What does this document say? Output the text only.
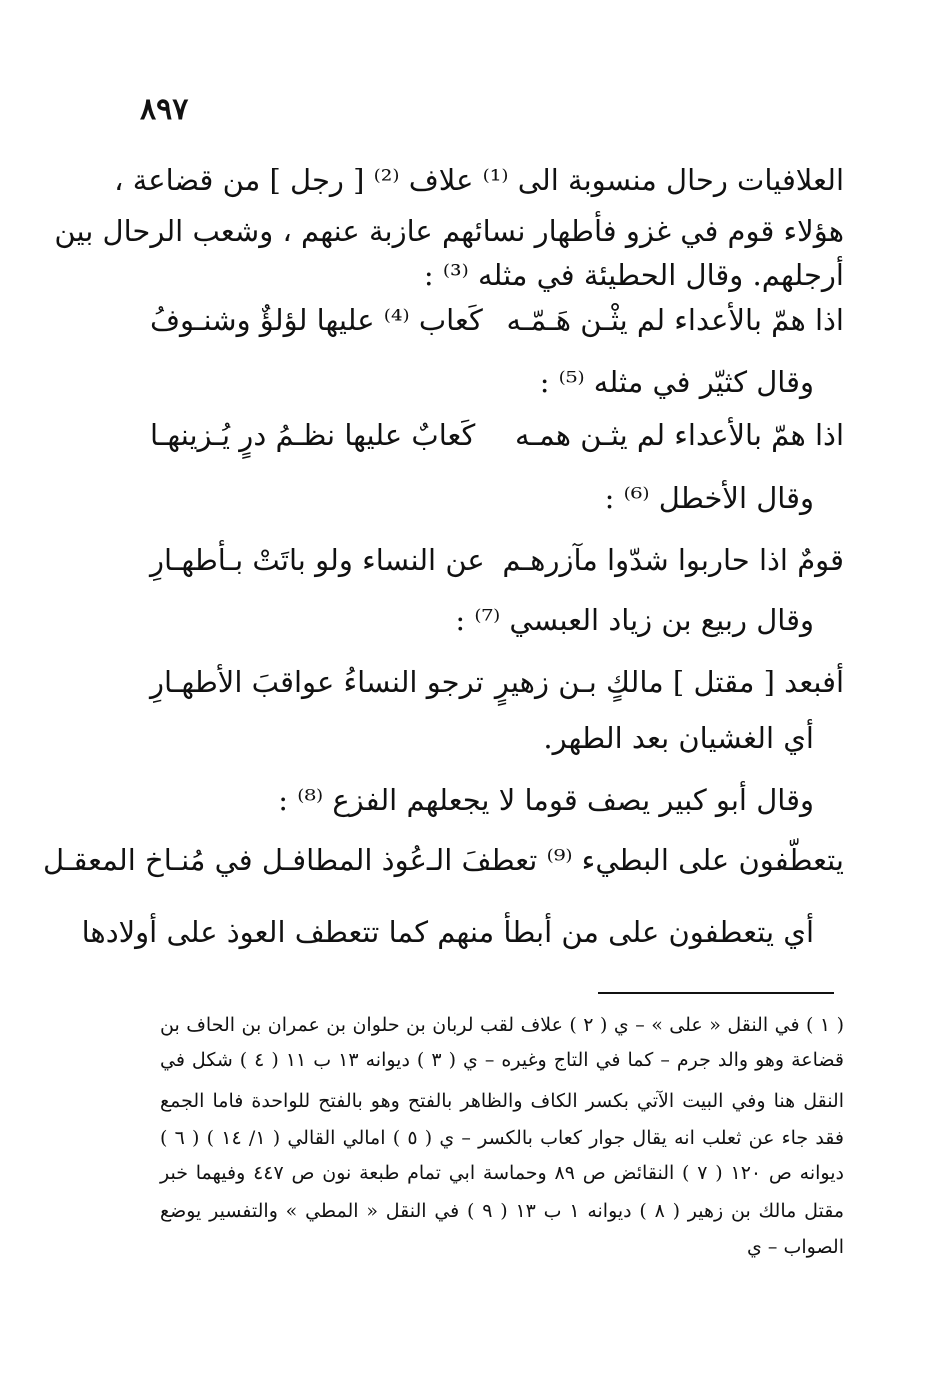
٨٩٧
العلافيات رحال منسوبة الى ⁽¹⁾ علاف ⁽²⁾ [ رجل ] من قضاعة ،
هؤلاء قوم في غزو فأطهار نسائهم عازبة عنهم ، وشعب الرحال بين
أرجلهم. وقال الحطيئة في مثله ⁽³⁾ :
اذا همّ بالأعداء لم يثْـن هَـمّـه
كَعاب ⁽⁴⁾ عليها لؤلؤٌ وشنـوفُ
وقال كثيّر في مثله ⁽⁵⁾ :
اذا همّ بالأعداء لم يثـن همـه
كَعابٌ عليها نظـمُ درٍ يُـزينهـا
وقال الأخطل ⁽⁶⁾ :
قومٌ اذا حاربوا شدّوا مآزرهـم
عن النساء ولو باتَتْ بـأطهـارِ
وقال ربيع بن زياد العبسي ⁽⁷⁾ :
أفبعد [ مقتل ] مالكٍ بـن زهيرٍ
ترجو النساءُ عواقبَ الأطهـارِ
أي الغشيان بعد الطهر.
وقال أبو كبير يصف قوما لا يجعلهم الفزع ⁽⁸⁾ :
يتعطّفون على البطيء ⁽⁹⁾ تعطفَ الـ
عُوذ المطافـل في مُنـاخ المعقـل
أي يتعطفون على من أبطأ منهم كما تتعطف العوذ على أولادها
( ١ ) في النقل « على » – ي ( ٢ ) علاف لقب لربان بن حلوان بن عمران بن الحاف بن
قضاعة وهو والد جرم – كما في التاج وغيره – ي ( ٣ ) ديوانه ١٣ ب ١١ ( ٤ ) شكل في
النقل هنا وفي البيت الآتي بكسر الكاف والظاهر بالفتح وهو بالفتح للواحدة فاما الجمع
فقد جاء عن ثعلب انه يقال جوار كعاب بالكسر – ي ( ٥ ) امالي القالي ( ١/ ١٤ ) ( ٦ )
ديوانه ص ١٢٠ ( ٧ ) النقائض ص ٨٩ وحماسة ابي تمام طبعة نون ص ٤٤٧ وفيهما خبر
مقتل مالك بن زهير ( ٨ ) ديوانه ١ ب ١٣ ( ٩ ) في النقل « المطي » والتفسير يوضع
الصواب – ي
